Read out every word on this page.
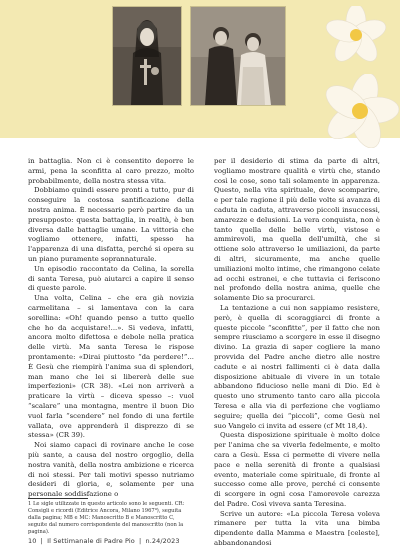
in battaglia. Non ci è consentito deporre le armi, pena la sconfitta al caro prezzo, molto probabilmente, della nostra stessa vita.

Dobbiamo quindi essere pronti a tutto, pur di conseguire la costosa santificazione della nostra anima. È necessario però partire da un presupposto: questa battaglia, in realtà, è ben diversa dalle battaglie umane. La vittoria che vogliamo ottenere, infatti, spesso ha l'apparenza di una disfatta, perché si opera su un piano puramente soprannaturale.

Un episodio raccontato da Celina, la sorella di santa Teresa, può aiutarci a capire il senso di queste parole.

Una volta, Celina – che era già novizia carmelitana – si lamentava con la cara sorellina: «Oh! quando penso a tutto quello che ho da acquistare!...». Si vedeva, infatti, ancora molto difettosa e debole nella pratica delle virtù. Ma santa Teresa le rispose prontamente: «Dirai piuttosto “da perdere!”... È Gesù che riempirà l'anima sua di splendori, man mano che lei si libererà delle sue imperfezioni» (CR 38). «Lei non arriverà a praticare la virtù – diceva spesso –: vuol “scalare” una montagna, mentre il buon Dio vuol farla “scendere” nel fondo di una fertile vallata, ove apprenderà il disprezzo di se stessa» (CR 39).

Noi siamo capaci di rovinare anche le cose più sante, a causa del nostro orgoglio, della nostra vanità, della nostra ambizione e ricerca di noi stessi. Per tali motivi spesso nutriamo desideri di gloria, e, solamente per una personale soddisfazione o

per il desiderio di stima da parte di altri, vogliamo mostrare qualità e virtù che, stando così le cose, sono tali solamente in apparenza. Questo, nella vita spirituale, deve scomparire, e per tale ragione il più delle volte si avanza di caduta in caduta, attraverso piccoli insuccessi, amarezze e delusioni. La vera conquista, non è tanto quella delle belle virtù, vistose e ammirevoli, ma quella dell'umiltà, che si ottiene solo attraverso le umiliazioni, da parte di altri, sicuramente, ma anche quelle umiliazioni molto intime, che rimangono celate ad occhi estranei, e che tuttavia ci feriscono nel profondo della nostra anima, quelle che solamente Dio sa procurarci.

La tentazione a cui non sappiamo resistere, però, è quella di scoraggiarci di fronte a queste piccole “sconfitte”, per il fatto che non sempre riusciamo a scorgere in esse il disegno divino. La grazia di saper cogliere la mano provvida del Padre anche dietro alle nostre cadute e ai nostri fallimenti ci è data dalla disposizione abituale di vivere in un totale abbandono fiducioso nelle mani di Dio. Ed è questo uno strumento tanto caro alla piccola Teresa e alla via di perfezione che vogliamo seguire; quella dei “piccoli”, come Gesù nel suo Vangelo ci invita ad essere (cf Mt 18,4).

Questa disposizione spirituale è molto dolce per l'anima che sa viverla fedelmente, e molto cara a Gesù. Essa ci permette di vivere nella pace e nella serenità di fronte a qualsiasi evento, materiale come spirituale, di fronte al successo come alle prove, perché ci consente di scorgere in ogni cosa l'amorevole carezza del Padre. Così viveva santa Teresina.

Scrive un autore: «La piccola Teresa voleva rimanere per tutta la vita una bimba dipendente dalla Mamma e Maestra [celeste], abbandonandosi

1 Le sigle utilizzate in questo articolo sono le seguenti. CR: Consigli e ricordi (Editrice Ancora, Milano 1967⁹), seguita dalla pagina; MB e MC: Manoscritto B e Manoscritto C, seguite dal numero corrispondente del manoscritto (non la pagina).
10 | Il Settimanale di Padre Pio | n.24/2023
